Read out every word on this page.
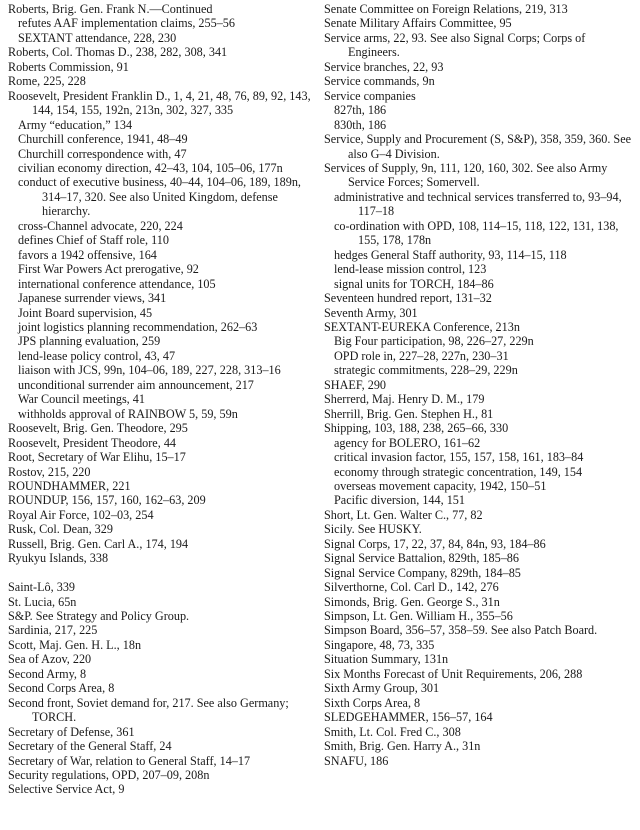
Roberts, Brig. Gen. Frank N.—Continued
refutes AAF implementation claims, 255–56
SEXTANT attendance, 228, 230
Roberts, Col. Thomas D., 238, 282, 308, 341
Roberts Commission, 91
Rome, 225, 228
Roosevelt, President Franklin D., 1, 4, 21, 48, 76, 89, 92, 143, 144, 154, 155, 192n, 213n, 302, 327, 335
Army “education,” 134
Churchill conference, 1941, 48–49
Churchill correspondence with, 47
civilian economy direction, 42–43, 104, 105–06, 177n
conduct of executive business, 40–44, 104–06, 189, 189n, 314–17, 320. See also United Kingdom, defense hierarchy.
cross-Channel advocate, 220, 224
defines Chief of Staff role, 110
favors a 1942 offensive, 164
First War Powers Act prerogative, 92
international conference attendance, 105
Japanese surrender views, 341
Joint Board supervision, 45
joint logistics planning recommendation, 262–63
JPS planning evaluation, 259
lend-lease policy control, 43, 47
liaison with JCS, 99n, 104–06, 189, 227, 228, 313–16
unconditional surrender aim announcement, 217
War Council meetings, 41
withholds approval of RAINBOW 5, 59, 59n
Roosevelt, Brig. Gen. Theodore, 295
Roosevelt, President Theodore, 44
Root, Secretary of War Elihu, 15–17
Rostov, 215, 220
ROUNDHAMMER, 221
ROUNDUP, 156, 157, 160, 162–63, 209
Royal Air Force, 102–03, 254
Rusk, Col. Dean, 329
Russell, Brig. Gen. Carl A., 174, 194
Ryukyu Islands, 338
Saint-Lô, 339
St. Lucia, 65n
S&P. See Strategy and Policy Group.
Sardinia, 217, 225
Scott, Maj. Gen. H. L., 18n
Sea of Azov, 220
Second Army, 8
Second Corps Area, 8
Second front, Soviet demand for, 217. See also Germany; TORCH.
Secretary of Defense, 361
Secretary of the General Staff, 24
Secretary of War, relation to General Staff, 14–17
Security regulations, OPD, 207–09, 208n
Selective Service Act, 9
Senate Committee on Foreign Relations, 219, 313
Senate Military Affairs Committee, 95
Service arms, 22, 93. See also Signal Corps; Corps of Engineers.
Service branches, 22, 93
Service commands, 9n
Service companies
827th, 186
830th, 186
Service, Supply and Procurement (S, S&P), 358, 359, 360. See also G–4 Division.
Services of Supply, 9n, 111, 120, 160, 302. See also Army Service Forces; Somervell.
administrative and technical services transferred to, 93–94, 117–18
co-ordination with OPD, 108, 114–15, 118, 122, 131, 138, 155, 178, 178n
hedges General Staff authority, 93, 114–15, 118
lend-lease mission control, 123
signal units for TORCH, 184–86
Seventeen hundred report, 131–32
Seventh Army, 301
SEXTANT-EUREKA Conference, 213n
Big Four participation, 98, 226–27, 229n
OPD role in, 227–28, 227n, 230–31
strategic commitments, 228–29, 229n
SHAEF, 290
Sherrerd, Maj. Henry D. M., 179
Sherrill, Brig. Gen. Stephen H., 81
Shipping, 103, 188, 238, 265–66, 330
agency for BOLERO, 161–62
critical invasion factor, 155, 157, 158, 161, 183–84
economy through strategic concentration, 149, 154
overseas movement capacity, 1942, 150–51
Pacific diversion, 144, 151
Short, Lt. Gen. Walter C., 77, 82
Sicily. See HUSKY.
Signal Corps, 17, 22, 37, 84, 84n, 93, 184–86
Signal Service Battalion, 829th, 185–86
Signal Service Company, 829th, 184–85
Silverthorne, Col. Carl D., 142, 276
Simonds, Brig. Gen. George S., 31n
Simpson, Lt. Gen. William H., 355–56
Simpson Board, 356–57, 358–59. See also Patch Board.
Singapore, 48, 73, 335
Situation Summary, 131n
Six Months Forecast of Unit Requirements, 206, 288
Sixth Army Group, 301
Sixth Corps Area, 8
SLEDGEHAMMER, 156–57, 164
Smith, Lt. Col. Fred C., 308
Smith, Brig. Gen. Harry A., 31n
SNAFU, 186
